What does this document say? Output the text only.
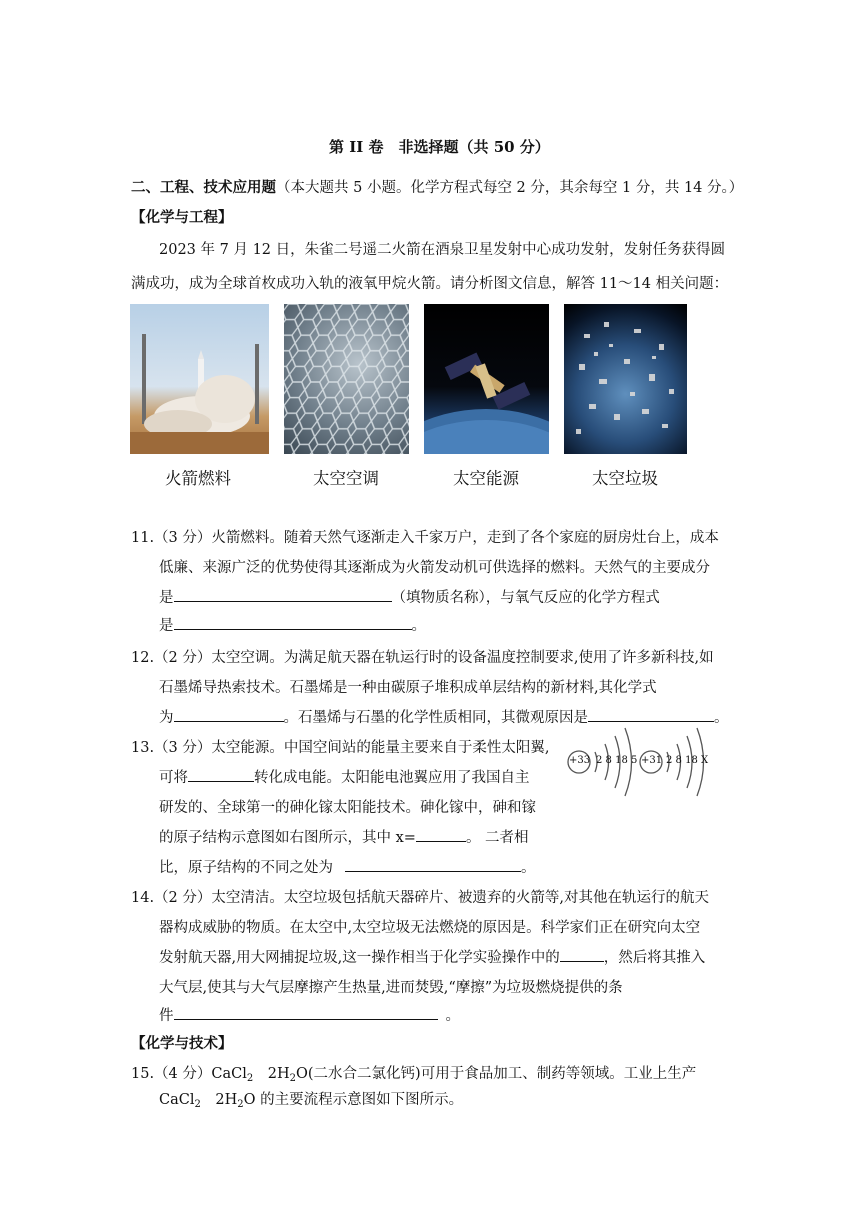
第 II 卷　非选择题（共 50 分）
二、工程、技术应用题（本大题共 5 小题。化学方程式每空 2 分，其余每空 1 分，共 14 分。）
【化学与工程】
2023 年 7 月 12 日，朱雀二号遥二火箭在酒泉卫星发射中心成功发射，发射任务获得圆
满成功，成为全球首枚成功入轨的液氧甲烷火箭。请分析图文信息，解答 11～14 相关问题：
火箭燃料	太空空调	太空能源	太空垃圾
11.（3 分）火箭燃料。随着天然气逐渐走入千家万户，走到了各个家庭的厨房灶台上，成本
低廉、来源广泛的优势使得其逐渐成为火箭发动机可供选择的燃料。天然气的主要成分
是	（填物质名称），与氧气反应的化学方程式
是	。
12.（2 分）太空空调。为满足航天器在轨运行时的设备温度控制要求,使用了许多新科技,如
石墨烯导热索技术。石墨烯是一种由碳原子堆积成单层结构的新材料,其化学式
为	。石墨烯与石墨的化学性质相同，其微观原因是	。
13.（3 分）太空能源。中国空间站的能量主要来自于柔性太阳翼,
可将	转化成电能。太阳能电池翼应用了我国自主
研发的、全球第一的砷化镓太阳能技术。砷化镓中，砷和镓
的原子结构示意图如右图所示，其中 x=	。 二者相
比，原子结构的不同之处为	。
+33 2 8 18 5 +31 2 8 18 X
14.（2 分）太空清洁。太空垃圾包括航天器碎片、被遗弃的火箭等,对其他在轨运行的航天
器构成威胁的物质。在太空中,太空垃圾无法燃烧的原因是。科学家们正在研究向太空
发射航天器,用大网捕捉垃圾,这一操作相当于化学实验操作中的	，然后将其推入
大气层,使其与大气层摩擦产生热量,进而焚毁,“摩擦”为垃圾燃烧提供的条
件	。
【化学与技术】
15.（4 分）CaCl$_2$　$2H_2O$(二水合二氯化钙)可用于食品加工、制药等领域。工业上生产
CaCl$_2$　$2H_2O$ 的主要流程示意图如下图所示。
